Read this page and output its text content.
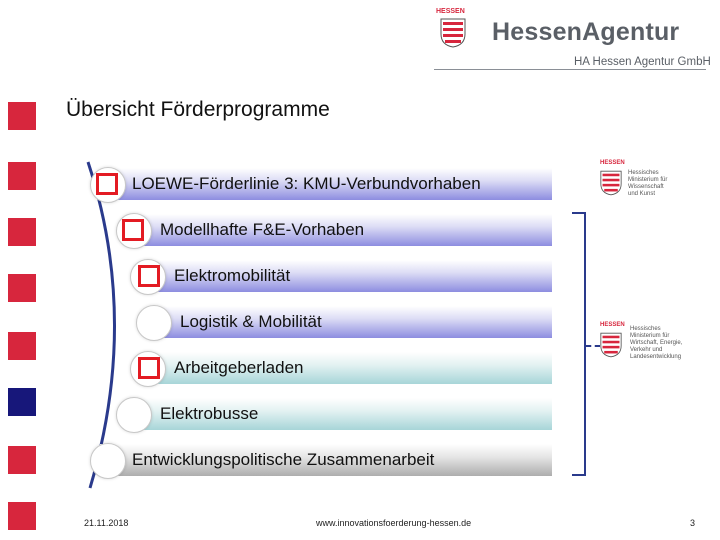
HESSEN
HessenAgentur
HA Hessen Agentur GmbH
Übersicht Förderprogramme
LOEWE-Förderlinie 3: KMU-Verbundvorhaben
Modellhafte F&E-Vorhaben
Elektromobilität
Logistik & Mobilität
Arbeitgeberladen
Elektrobusse
Entwicklungspolitische Zusammenarbeit
HESSEN
Hessisches
Ministerium für
Wissenschaft
und Kunst
HESSEN
Hessisches
Ministerium für
Wirtschaft, Energie,
Verkehr und
Landesentwicklung
21.11.2018	www.innovationsfoerderung-hessen.de	3
